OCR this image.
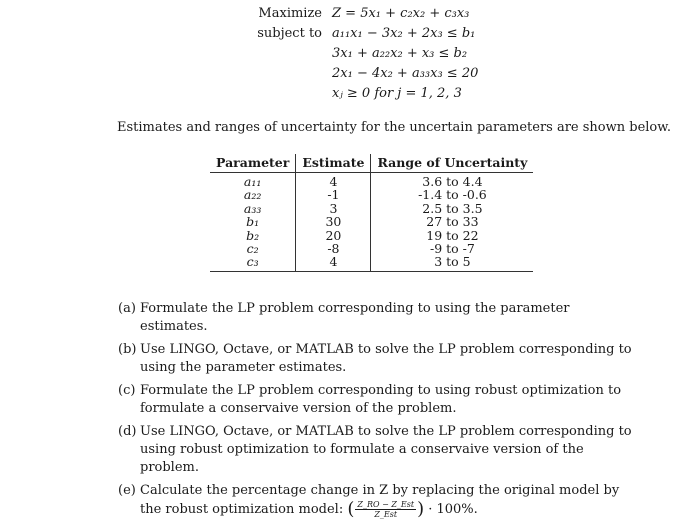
Maximize Z = 5x₁ + c₂x₂ + c₃x₃
subject to a₁₁x₁ − 3x₂ + 2x₃ ≤ b₁
3x₁ + a₂₂x₂ + x₃ ≤ b₂
2x₁ − 4x₂ + a₃₃x₃ ≤ 20
xⱼ ≥ 0 for j = 1, 2, 3
Estimates and ranges of uncertainty for the uncertain parameters are shown below.
Parameter	Estimate	Range of Uncertainty
a₁₁	4	3.6 to 4.4
a₂₂	-1	-1.4 to -0.6
a₃₃	3	2.5 to 3.5
b₁	30	27 to 33
b₂	20	19 to 22
c₂	-8	-9 to -7
c₃	4	3 to 5
(a) Formulate the LP problem corresponding to using the parameter estimates.
(b) Use LINGO, Octave, or MATLAB to solve the LP problem corresponding to using the parameter estimates.
(c) Formulate the LP problem corresponding to using robust optimization to formulate a conservaive version of the problem.
(d) Use LINGO, Octave, or MATLAB to solve the LP problem corresponding to using robust optimization to formulate a conservaive version of the problem.
(e) Calculate the percentage change in Z by replacing the original model by the robust optimization model: ( $\frac{\text{Z\_RO − Z\_Est}}{\text{Z\_Est}}$ ) · 100%.
